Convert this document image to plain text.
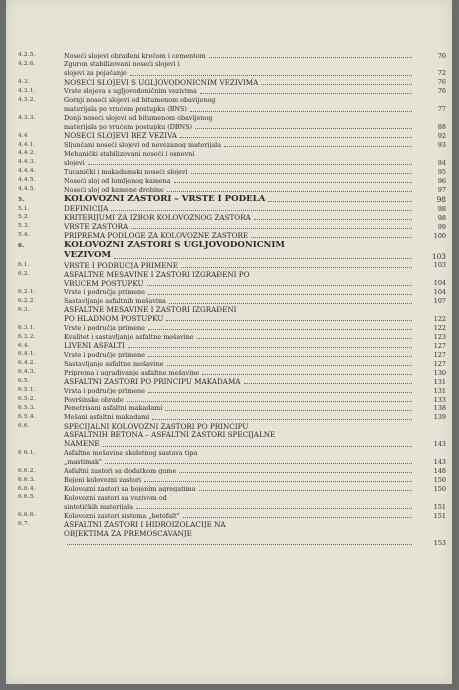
4.2.5.	Noseći slojevi obrađeni krečom i cementom	70
4.2.6.	Zguron stabilizovani noseći slojevi i
slojevi za pojačanje	72
4.3.	NOSEĆI SLOJEVI S UGLJOVODONIČNIM VEZIVIMA	76
4.3.1.	Vrste slojeva s ugljovodoničnim vezivima	76
4.3.2.	Gornji noseći slojevi od bitumenom obavijenog
materijala po vrućem postupku (BNS)	77
4.3.3.	Donji noseći slojevi od bitumenom obavijenog
materijala po vrućem postupku (DBNS)	88
4.4	NOSEĆI SLOJEVI BEZ VEZIVA	92
4.4.1.	Šljunčani noseći slojevi od nevezanog materijala	93
4.4.2.	Mehanički stabilizovani noseći i osnovni
4.4.3.	slojevi	94
4.4.4.	Tucanički i makadamski noseći slojevi	95
4.4.5.	Noseći sloj od lomljenog kamena	96
4.4.5.	Noseći sloj od kamene drobine	97
5.	KOLOVOZNI ZASTORI – VRSTE I PODELA	98
5.1.	DEFINICIJA	98
5.2.	KRITERIJUMI ZA IZBOR KOLOVOZNOG ZASTORA	98
5.3.	VRSTE ZASTORA	99
5.4.	PRIPREMA PODLOGE ZA KOLOVOZNE ZASTORE	100
6.	KOLOVOZNI ZASTORI S UGLJOVODONIČNIM
VEZIVOM	103
6.1.	VRSTE I PODRUČJA PRIMENE	103
6.2.	ASFALTNE MEŠAVINE I ZASTORI IZGRAĐENI PO
VRUĆEM POSTUPKU	104
6.2.1.	Vrste i područja primene	104
6.2.2.	Sastavljanje asfaltnih mešavina	107
6.3.	ASFALTNE MEŠAVINE I ZASTORI IZGRAĐENI
PO HLADNOM POSTUPKU	122
6.3.1.	Vrste i područja primene	122
6.3.2.	Kvalitet i sastavljanje asfaltne mešavine	123
6.4.	LIVENI ASFALTI	127
6.4.1.	Vrste i područje primene	127
6.4.2.	Sastavljanje asfaltne mešavine	127
6.4.3.	Priprema i ugrađivanje asfaltne mešavine	130
6.5.	ASFALTNI ZASTORI PO PRINCIPU MAKADAMA	131
6.5.1.	Vrsta i područje primene	131
6.5.2.	Površinske obrade	133
6.5.3.	Penetrisani asfaltni makadami	138
6.5.4.	Mešani asfaltni makadami	139
6.6.	SPECIJALNI KOLOVOZNI ZASTORI PO PRINCIPU
ASFALTNIH BETONA – ASFALTNI ZASTORI SPECIJALNE
NAMENE	143
6 6.1.	Asfaltne mešavine skeletnog sastava tipa
„mastimak"	143
6.6.2.	Asfaltni zastori sa dodatkom gume	148
6.6.3.	Bojeni kolovozni zastori	150
6.6.4.	Kolovozni zastori sa bojenim agregatima	150
6.6.5.	Kolovozni zastori sa vezivom od
sintetičkih materijala	151
6.6.6.	Kolovozni zastori sistema „betofalt"	151
6.7.	ASFALTNI ZASTORI I HIDROIZOLACIJE NA
OBJEKTIMA ZA PREMOŠĆAVANJE
153
